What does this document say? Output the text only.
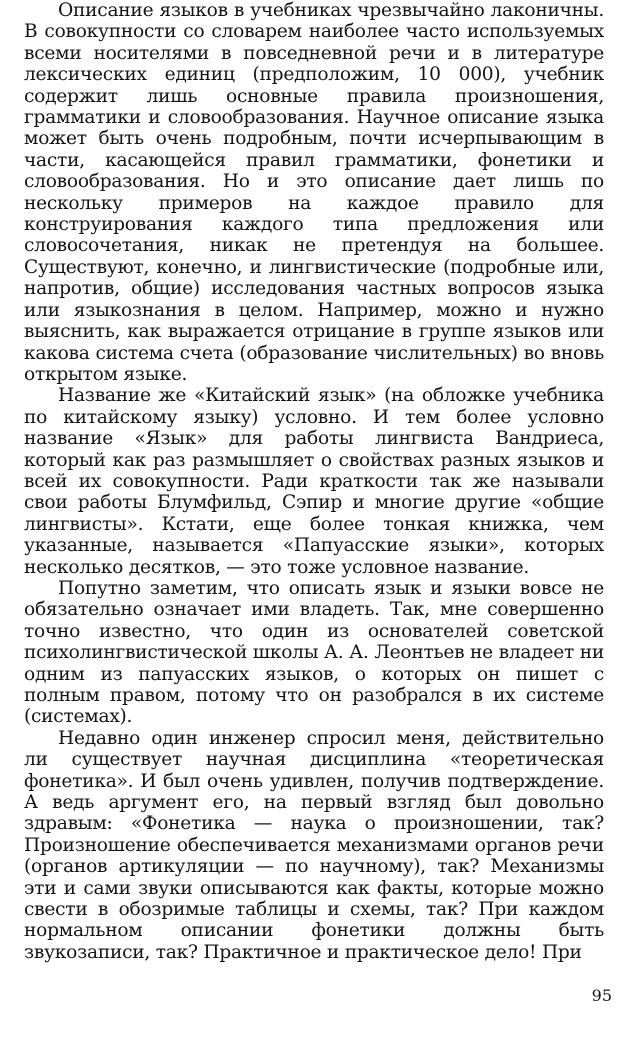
Описание языков в учебниках чрезвычайно лаконичны. В совокупности со словарем наиболее часто используемых всеми носителями в повседневной речи и в литературе лексических единиц (предположим, 10 000), учебник содержит лишь основные правила произношения, грамматики и словообразования. Научное описание языка может быть очень подробным, почти исчерпывающим в части, касающейся правил грамматики, фонетики и словообразования. Но и это описание дает лишь по нескольку примеров на каждое правило для конструирования каждого типа предложения или словосочетания, никак не претендуя на большее. Существуют, конечно, и лингвистические (подробные или, напротив, общие) исследования частных вопросов языка или языкознания в целом. Например, можно и нужно выяснить, как выражается отрицание в группе языков или какова система счета (образование числительных) во вновь открытом языке.

Название же «Китайский язык» (на обложке учебника по китайскому языку) условно. И тем более условно название «Язык» для работы лингвиста Вандриеса, который как раз размышляет о свойствах разных языков и всей их совокупности. Ради краткости так же называли свои работы Блумфильд, Сэпир и многие другие «общие лингвисты». Кстати, еще более тонкая книжка, чем указанные, называется «Папуасские языки», которых несколько десятков, — это тоже условное название.

Попутно заметим, что описать язык и языки вовсе не обязательно означает ими владеть. Так, мне совершенно точно известно, что один из основателей советской психолингвистической школы А. А. Леонтьев не владеет ни одним из папуасских языков, о которых он пишет с полным правом, потому что он разобрался в их системе (системах).

Недавно один инженер спросил меня, действительно ли существует научная дисциплина «теоретическая фонетика». И был очень удивлен, получив подтверждение. А ведь аргумент его, на первый взгляд был довольно здравым: «Фонетика — наука о произношении, так? Произношение обеспечивается механизмами органов речи (органов артикуляции — по научному), так? Механизмы эти и сами звуки описываются как факты, которые можно свести в обозримые таблицы и схемы, так? При каждом нормальном описании фонетики должны быть звукозаписи, так? Практичное и практическое дело! При

95
